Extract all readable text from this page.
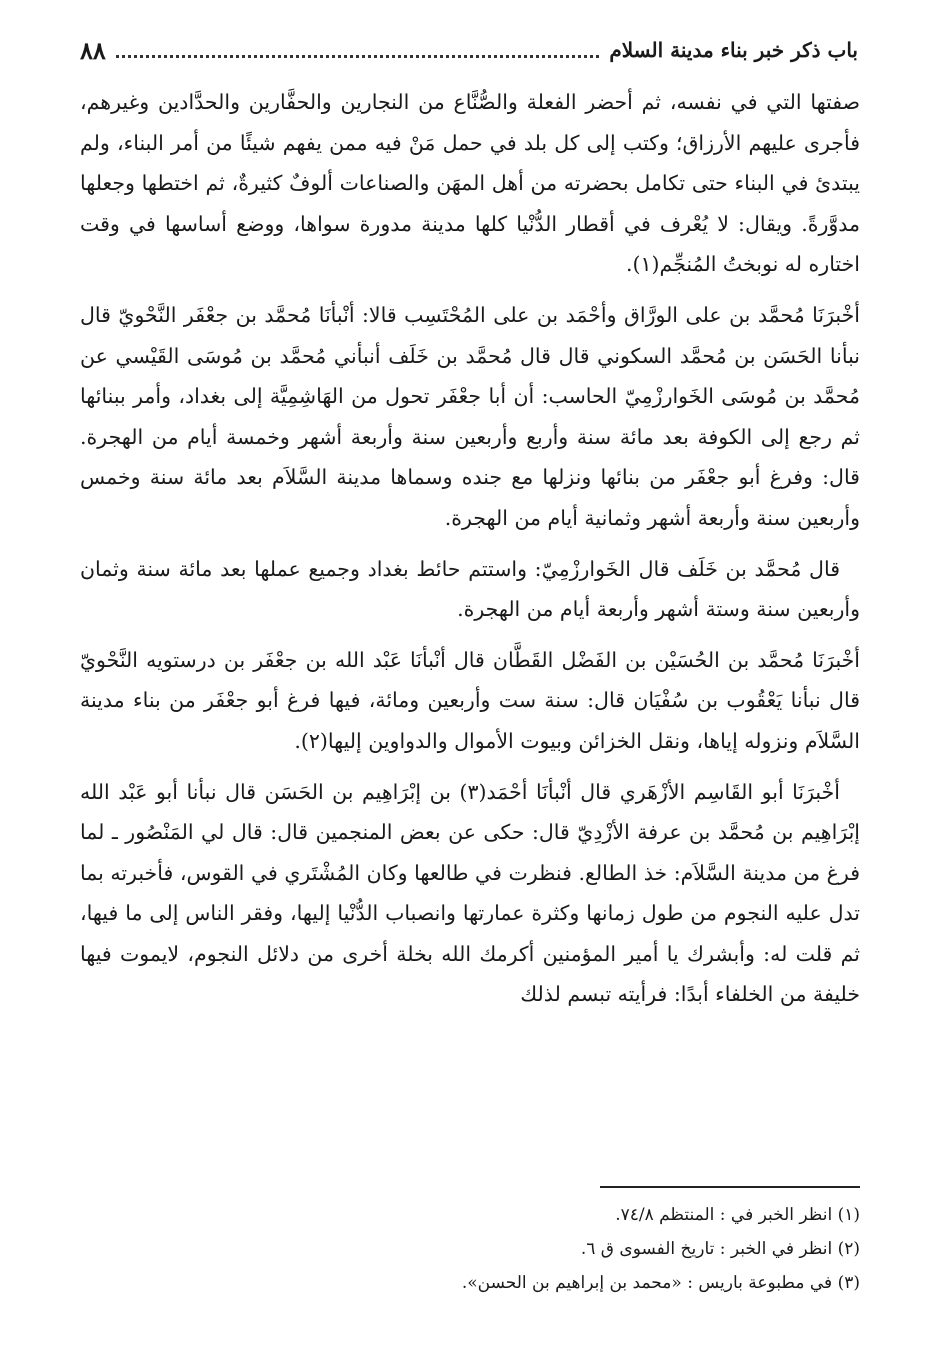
باب ذكر خبر بناء مدينة السلام
٨٨

صفتها التي في نفسه، ثم أحضر الفعلة والصُّنَّاع من النجارين والحفَّارين والحدَّادين وغيرهم، فأجرى عليهم الأرزاق؛ وكتب إلى كل بلد في حمل مَنْ فيه ممن يفهم شيئًا من أمر البناء، ولم يبتدئ في البناء حتى تكامل بحضرته من أهل المهَن والصناعات ألوفٌ كثيرةٌ، ثم اختطها وجعلها مدوَّرةً. ويقال: لا يُعْرف في أقطار الدُّنْيا كلها مدينة مدورة سواها، ووضع أساسها في وقت اختاره له نوبختُ المُنجِّم(١).

أخْبرَنَا مُحمَّد بن على الورَّاق وأحْمَد بن على المُحْتَسِب قالا: أنْبأنَا مُحمَّد بن جعْفَر النَّحْويّ قال نبأنا الحَسَن بن مُحمَّد السكوني قال قال مُحمَّد بن خَلَف أنبأني مُحمَّد بن مُوسَى القَيْسي عن مُحمَّد بن مُوسَى الخَوارزْمِيّ الحاسب: أن أبا جعْفَر تحول من الهَاشِمِيَّة إلى بغداد، وأمر ببنائها ثم رجع إلى الكوفة بعد مائة سنة وأربع وأربعين سنة وأربعة أشهر وخمسة أيام من الهجرة. قال: وفرغ أبو جعْفَر من بنائها ونزلها مع جنده وسماها مدينة السَّلاَم بعد مائة سنة وخمس وأربعين سنة وأربعة أشهر وثمانية أيام من الهجرة.

قال مُحمَّد بن خَلَف قال الخَوارزْمِيّ: واستتم حائط بغداد وجميع عملها بعد مائة سنة وثمان وأربعين سنة وستة أشهر وأربعة أيام من الهجرة.

أخْبرَنَا مُحمَّد بن الحُسَيْن بن الفَضْل القَطَّان قال أنْبأنَا عَبْد الله بن جعْفَر بن درستويه النَّحْويّ قال نبأنا يَعْقُوب بن سُفْيَان قال: سنة ست وأربعين ومائة، فيها فرغ أبو جعْفَر من بناء مدينة السَّلاَم ونزوله إياها، ونقل الخزائن وبيوت الأموال والدواوين إليها(٢).

أخْبرَنَا أبو القَاسِم الأزْهَري قال أنْبأنَا أحْمَد(٣) بن إبْرَاهِيم بن الحَسَن قال نبأنا أبو عَبْد الله إبْرَاهِيم بن مُحمَّد بن عرفة الأزْدِيّ قال: حكى عن بعض المنجمين قال: قال لي المَنْصُور ـ لما فرغ من مدينة السَّلاَم: خذ الطالع. فنظرت في طالعها وكان المُشْتَري في القوس، فأخبرته بما تدل عليه النجوم من طول زمانها وكثرة عمارتها وانصباب الدُّنْيا إليها، وفقر الناس إلى ما فيها، ثم قلت له: وأبشرك يا أمير المؤمنين أكرمك الله بخلة أخرى من دلائل النجوم، لايموت فيها خليفة من الخلفاء أبدًا: فرأيته تبسم لذلك

(١) انظر الخبر في : المنتظم ٧٤/٨.

(٢) انظر في الخبر : تاريخ الفسوى ق ٦.

(٣) في مطبوعة باريس : «محمد بن إبراهيم بن الحسن».
